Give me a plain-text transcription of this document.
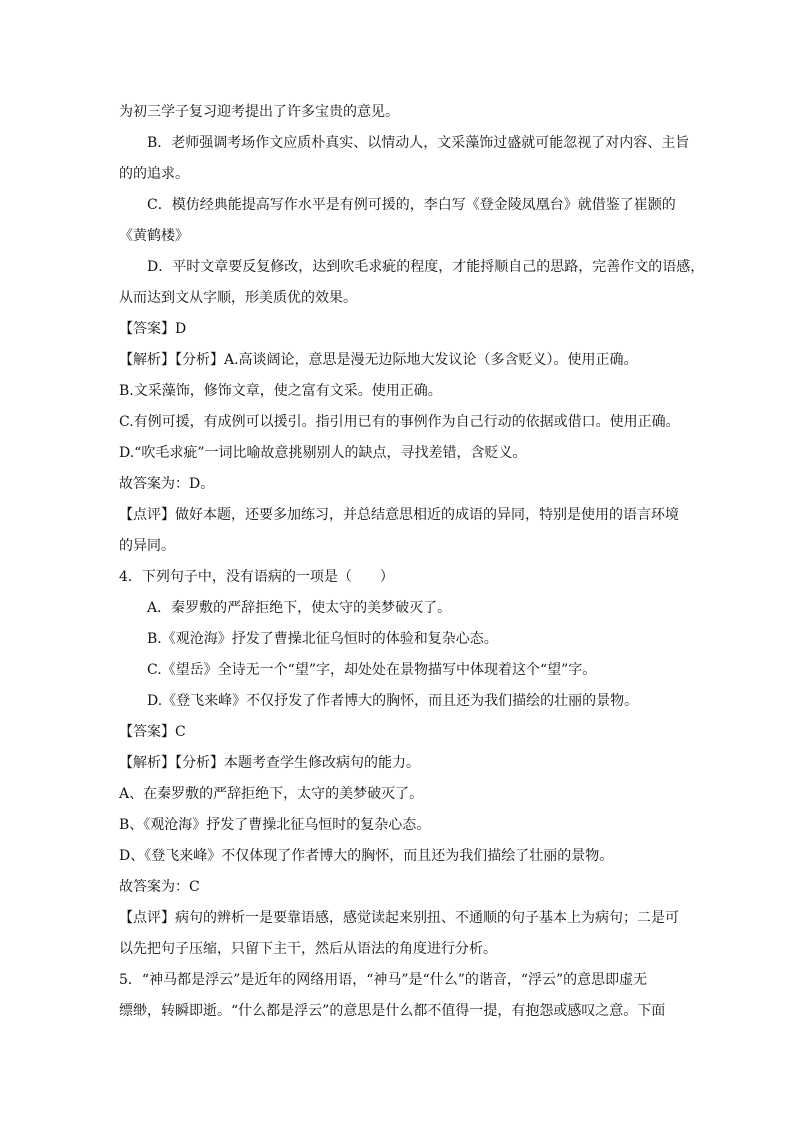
为初三学子复习迎考提出了许多宝贵的意见。
B．老师强调考场作文应质朴真实、以情动人，文采藻饰过盛就可能忽视了对内容、主旨
的的追求。
C．模仿经典能提高写作水平是有例可援的，李白写《登金陵凤凰台》就借鉴了崔颢的
《黄鹤楼》
D．平时文章要反复修改，达到吹毛求疵的程度，才能捋顺自己的思路，完善作文的语感，
从而达到文从字顺，形美质优的效果。
【答案】D
【解析】【分析】A.高谈阔论，意思是漫无边际地大发议论（多含贬义）。使用正确。
B.文采藻饰，修饰文章，使之富有文采。使用正确。
C.有例可援，有成例可以援引。指引用已有的事例作为自己行动的依据或借口。使用正确。
D.“吹毛求疵”一词比喻故意挑剔别人的缺点，寻找差错，含贬义。
故答案为：D。
【点评】做好本题，还要多加练习，并总结意思相近的成语的异同，特别是使用的语言环境
的异同。
4．下列句子中，没有语病的一项是（　　）
A．秦罗敷的严辞拒绝下，使太守的美梦破灭了。
B.《观沧海》抒发了曹操北征乌恒时的体验和复杂心态。
C.《望岳》全诗无一个“望”字，却处处在景物描写中体现着这个“望”字。
D.《登飞来峰》不仅抒发了作者博大的胸怀，而且还为我们描绘的壮丽的景物。
【答案】C
【解析】【分析】本题考查学生修改病句的能力。
A、在秦罗敷的严辞拒绝下，太守的美梦破灭了。
B、《观沧海》抒发了曹操北征乌恒时的复杂心态。
D、《登飞来峰》不仅体现了作者博大的胸怀，而且还为我们描绘了壮丽的景物。
故答案为：C
【点评】病句的辨析一是要靠语感，感觉读起来别扭、不通顺的句子基本上为病句；二是可
以先把句子压缩，只留下主干，然后从语法的角度进行分析。
5．“神马都是浮云”是近年的网络用语，“神马”是“什么”的谐音，“浮云”的意思即虚无
缥缈，转瞬即逝。“什么都是浮云”的意思是什么都不值得一提，有抱怨或感叹之意。下面
